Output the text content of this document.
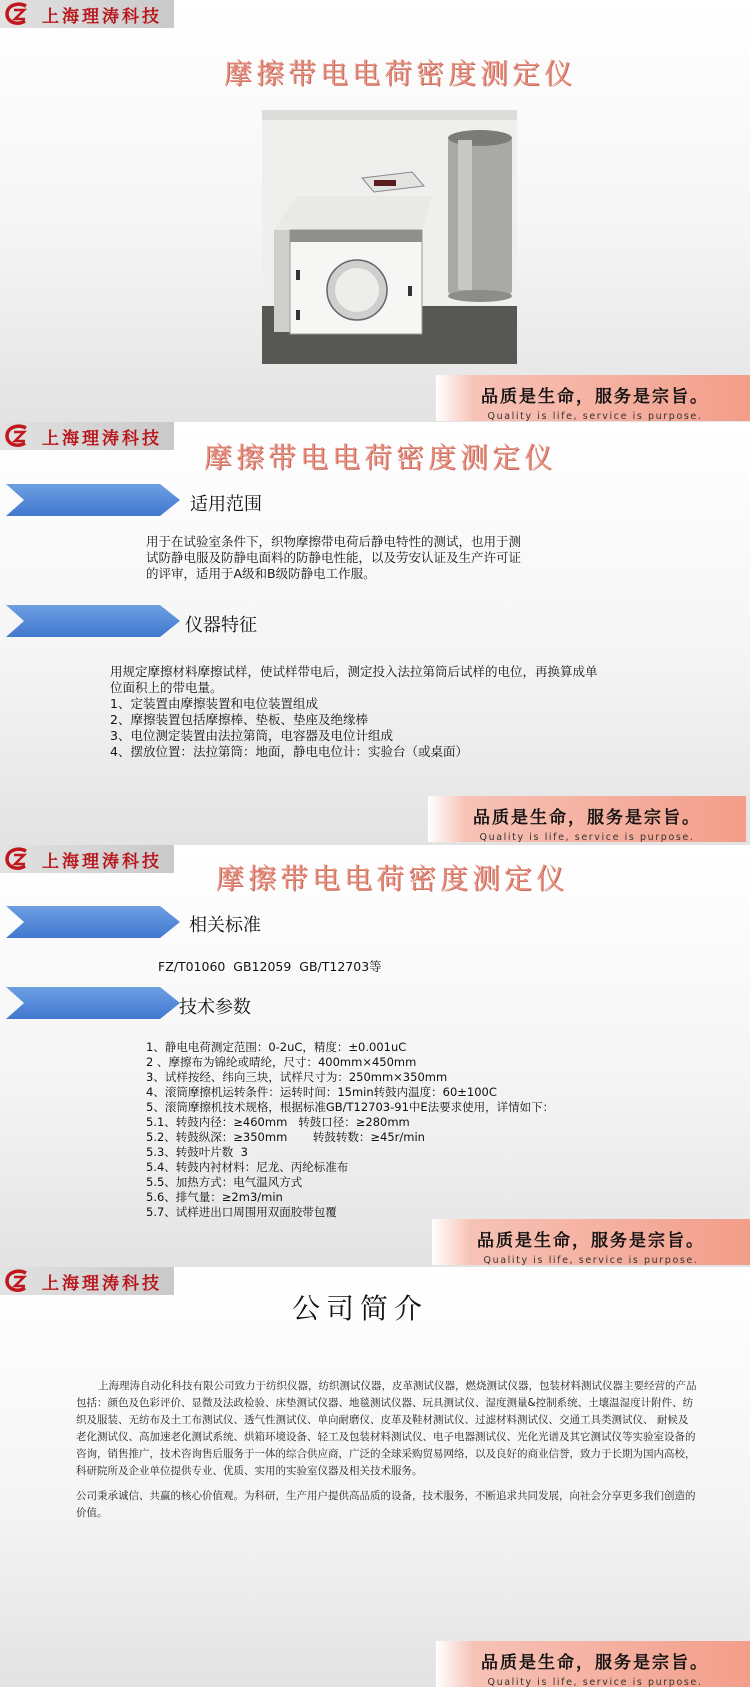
上海理涛科技
摩擦带电电荷密度测定仪
品质是生命，服务是宗旨。
Quality is life, service is purpose.
上海理涛科技
摩擦带电电荷密度测定仪
适用范围
用于在试验室条件下，织物摩擦带电荷后静电特性的测试，也用于测
试防静电服及防静电面料的防静电性能，以及劳安认证及生产许可证
的评审，适用于A级和B级防静电工作服。
仪器特征
用规定摩擦材料摩擦试样，使试样带电后，测定投入法拉第筒后试样的电位，再换算成单
位面积上的带电量。
1、定装置由摩擦装置和电位装置组成
2、摩擦装置包括摩擦棒、垫板、垫座及绝缘棒
3、电位测定装置由法拉第筒，电容器及电位计组成
4、摆放位置：法拉第筒：地面，静电电位计：实验台（或桌面）
品质是生命，服务是宗旨。
Quality is life, service is purpose.
上海理涛科技
摩擦带电电荷密度测定仪
相关标准
FZ/T01060  GB12059  GB/T12703等
技术参数
1、静电电荷测定范围：0-2uC，精度：±0.001uC
2 、摩擦布为锦纶或晴纶，尺寸：400mm×450mm
3、试样按经、纬向三块，试样尺寸为：250mm×350mm
4、滚筒摩擦机运转条件：运转时间：15min转鼓内温度：60±100C
5、滚筒摩擦机技术规格，根据标准GB/T12703-91中E法要求使用，详情如下：
5.1、转鼓内径：≥460mm   转鼓口径：≥280mm
5.2、转鼓纵深：≥350mm       转鼓转数：≥45r/min
5.3、转鼓叶片数  3
5.4、转鼓内衬材料：尼龙、丙纶标准布
5.5、加热方式：电气温风方式
5.6、排气量：≥2m3/min
5.7、试样进出口周围用双面胶带包覆
品质是生命，服务是宗旨。
Quality is life, service is purpose.
上海理涛科技
公司简介

上海理涛自动化科技有限公司致力于纺织仪器，纺织测试仪器，皮革测试仪器，燃烧测试仪器，包装材料测试仪器主要经营的产品包括：颜色及色彩评价、显微及法政检验、床垫测试仪器、地毯测试仪器、玩具测试仪、湿度测量&控制系统、土壤温湿度计附件、纺织及服装、无纺布及土工布测试仪、透气性测试仪、单向耐磨仪、皮革及鞋材测试仪、过滤材料测试仪、交通工具类测试仪、 耐候及老化测试仪、高加速老化测试系统、烘箱环境设备、轻工及包装材料测试仪、电子电器测试仪、光化光谱及其它测试仪等实验室设备的咨询，销售推广，技术咨询售后服务于一体的综合供应商，广泛的全球采购贸易网络，以及良好的商业信誉，致力于长期为国内高校，科研院所及企业单位提供专业、优质、实用的实验室仪器及相关技术服务。

公司秉承诚信、共赢的核心价值观。为科研，生产用户提供高品质的设备，技术服务，不断追求共同发展，向社会分享更多我们创造的价值。

品质是生命，服务是宗旨。
Quality is life, service is purpose.
